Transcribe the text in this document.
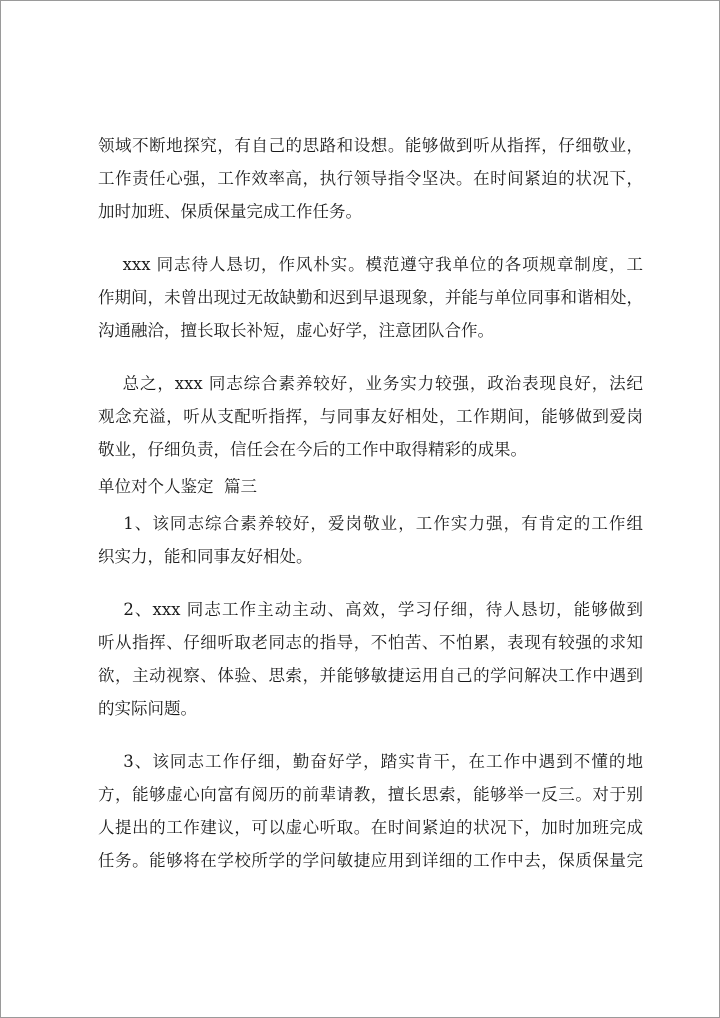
领域不断地探究，有自己的思路和设想。能够做到听从指挥，仔细敬业，
工作责任心强，工作效率高，执行领导指令坚决。在时间紧迫的状况下，
加时加班、保质保量完成工作任务。
xxx 同志待人恳切，作风朴实。模范遵守我单位的各项规章制度，工
作期间，未曾出现过无故缺勤和迟到早退现象，并能与单位同事和谐相处，
沟通融洽，擅长取长补短，虚心好学，注意团队合作。
总之，xxx 同志综合素养较好，业务实力较强，政治表现良好，法纪
观念充溢，听从支配听指挥，与同事友好相处，工作期间，能够做到爱岗
敬业，仔细负责，信任会在今后的工作中取得精彩的成果。
单位对个人鉴定  篇三
1、该同志综合素养较好，爱岗敬业，工作实力强，有肯定的工作组
织实力，能和同事友好相处。
2、xxx 同志工作主动主动、高效，学习仔细，待人恳切，能够做到
听从指挥、仔细听取老同志的指导，不怕苦、不怕累，表现有较强的求知
欲，主动视察、体验、思索，并能够敏捷运用自己的学问解决工作中遇到
的实际问题。
3、该同志工作仔细，勤奋好学，踏实肯干，在工作中遇到不懂的地
方，能够虚心向富有阅历的前辈请教，擅长思索，能够举一反三。对于别
人提出的工作建议，可以虚心听取。在时间紧迫的状况下，加时加班完成
任务。能够将在学校所学的学问敏捷应用到详细的工作中去，保质保量完
